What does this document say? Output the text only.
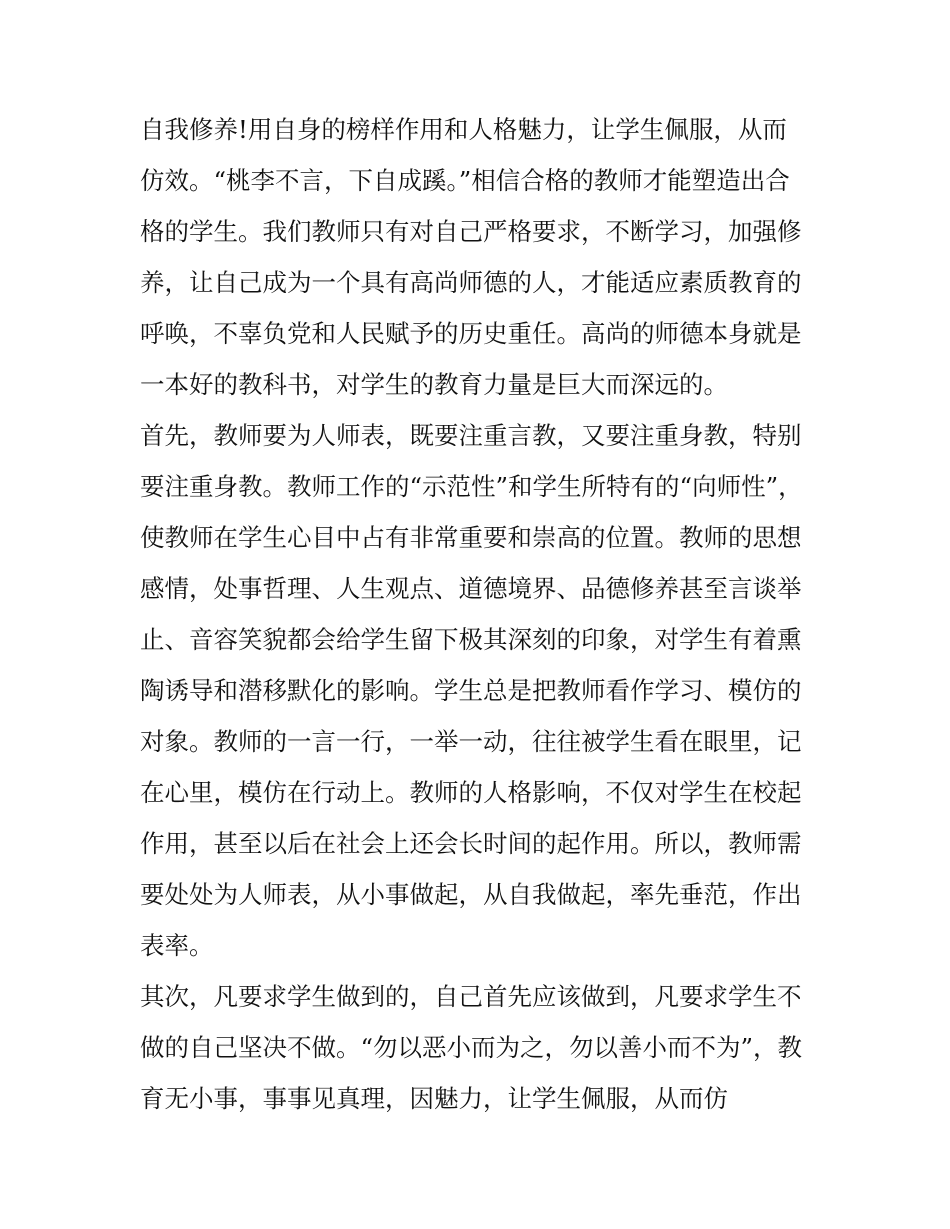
自我修养!用自身的榜样作用和人格魅力，让学生佩服，从而
仿效。“桃李不言，下自成蹊。”相信合格的教师才能塑造出合
格的学生。我们教师只有对自己严格要求，不断学习，加强修
养，让自己成为一个具有高尚师德的人，才能适应素质教育的
呼唤，不辜负党和人民赋予的历史重任。高尚的师德本身就是
一本好的教科书，对学生的教育力量是巨大而深远的。
首先，教师要为人师表，既要注重言教，又要注重身教，特别
要注重身教。教师工作的“示范性”和学生所特有的“向师性”，
使教师在学生心目中占有非常重要和崇高的位置。教师的思想
感情，处事哲理、人生观点、道德境界、品德修养甚至言谈举
止、音容笑貌都会给学生留下极其深刻的印象，对学生有着熏
陶诱导和潜移默化的影响。学生总是把教师看作学习、模仿的
对象。教师的一言一行，一举一动，往往被学生看在眼里，记
在心里，模仿在行动上。教师的人格影响，不仅对学生在校起
作用，甚至以后在社会上还会长时间的起作用。所以，教师需
要处处为人师表，从小事做起，从自我做起，率先垂范，作出
表率。
其次，凡要求学生做到的，自己首先应该做到，凡要求学生不
做的自己坚决不做。“勿以恶小而为之，勿以善小而不为”，教
育无小事，事事见真理，因魅力，让学生佩服，从而仿
